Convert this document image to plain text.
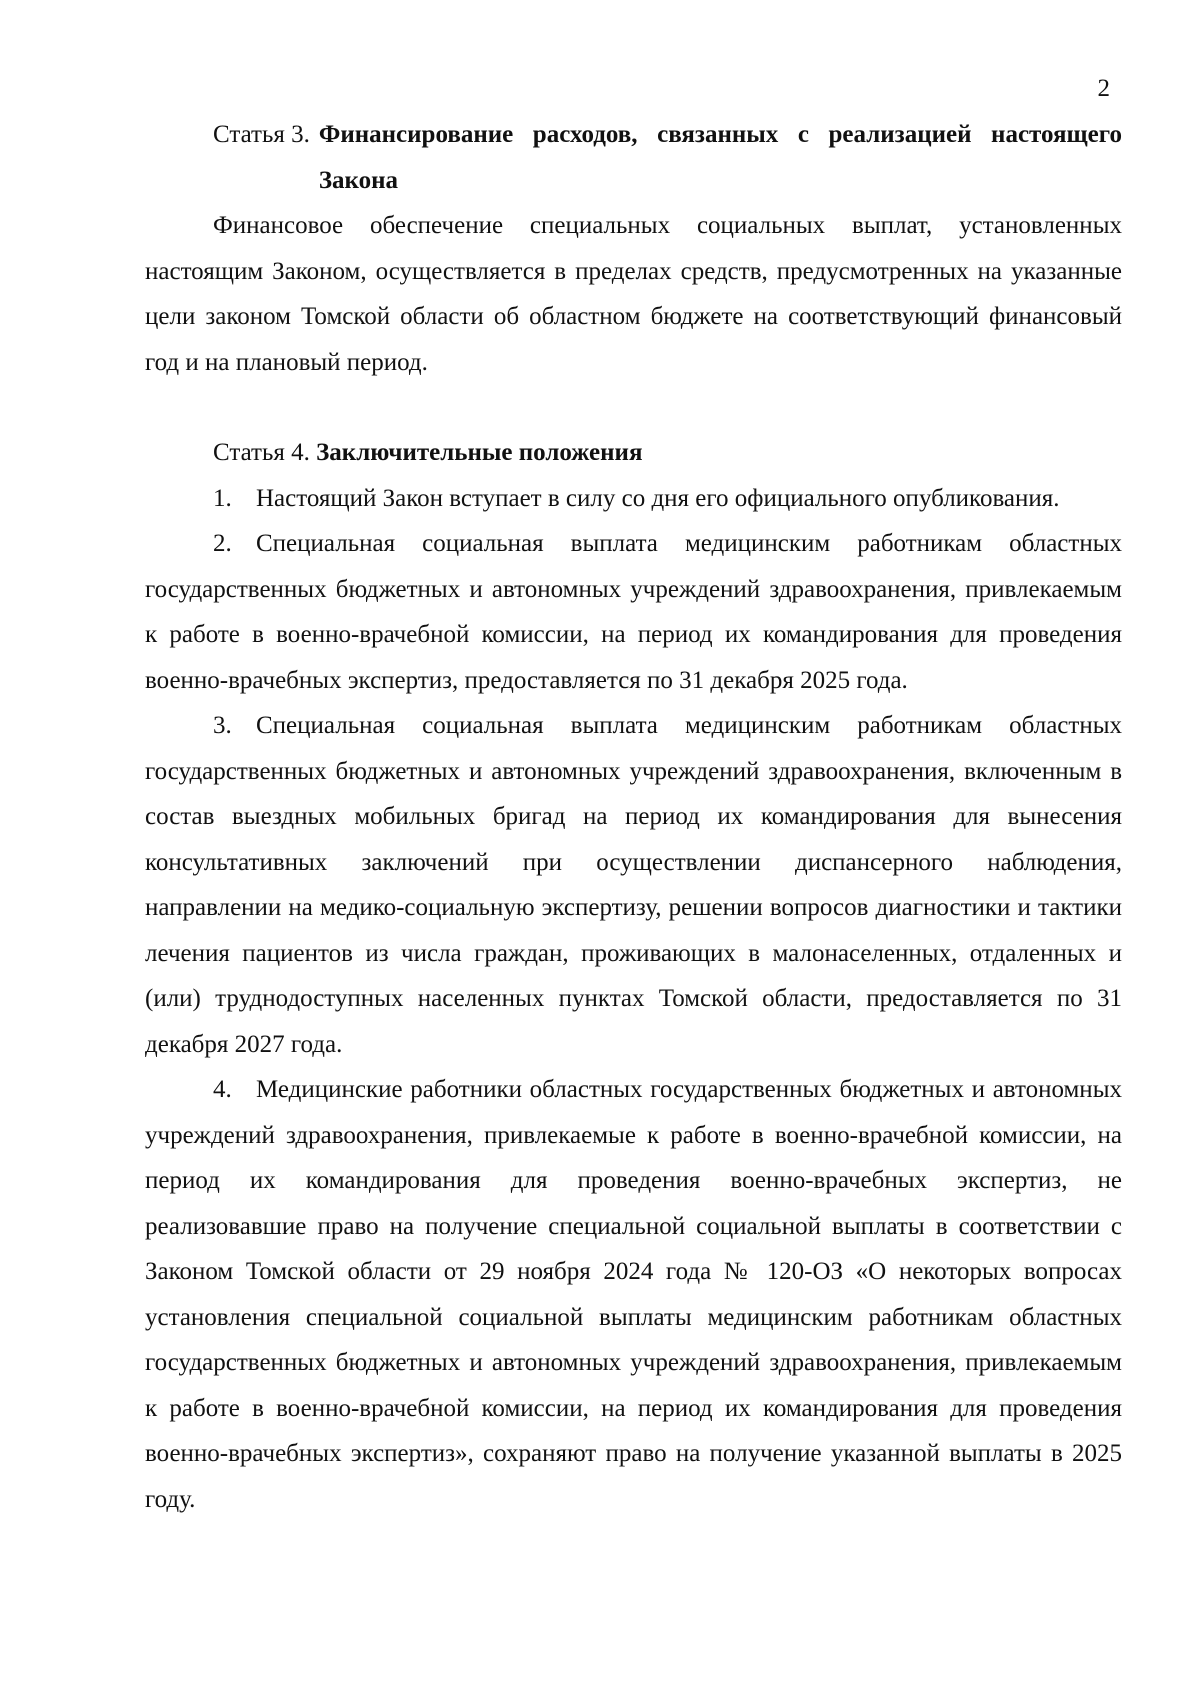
2
Статья 3. Финансирование расходов, связанных с реализацией настоящего Закона

Финансовое обеспечение специальных социальных выплат, установленных настоящим Законом, осуществляется в пределах средств, предусмотренных на указанные цели законом Томской области об областном бюджете на соответствующий финансовый год и на плановый период.

Статья 4. Заключительные положения

1. Настоящий Закон вступает в силу со дня его официального опубликования.

2. Специальная социальная выплата медицинским работникам областных государственных бюджетных и автономных учреждений здравоохранения, привлекаемым к работе в военно-врачебной комиссии, на период их командирования для проведения военно-врачебных экспертиз, предоставляется по 31 декабря 2025 года.

3. Специальная социальная выплата медицинским работникам областных государственных бюджетных и автономных учреждений здравоохранения, включенным в состав выездных мобильных бригад на период их командирования для вынесения консультативных заключений при осуществлении диспансерного наблюдения, направлении на медико-социальную экспертизу, решении вопросов диагностики и тактики лечения пациентов из числа граждан, проживающих в малонаселенных, отдаленных и (или) труднодоступных населенных пунктах Томской области, предоставляется по 31 декабря 2027 года.

4. Медицинские работники областных государственных бюджетных и автономных учреждений здравоохранения, привлекаемые к работе в военно-врачебной комиссии, на период их командирования для проведения военно-врачебных экспертиз, не реализовавшие право на получение специальной социальной выплаты в соответствии с Законом Томской области от 29 ноября 2024 года № 120-ОЗ «О некоторых вопросах установления специальной социальной выплаты медицинским работникам областных государственных бюджетных и автономных учреждений здравоохранения, привлекаемым к работе в военно-врачебной комиссии, на период их командирования для проведения военно-врачебных экспертиз», сохраняют право на получение указанной выплаты в 2025 году.
